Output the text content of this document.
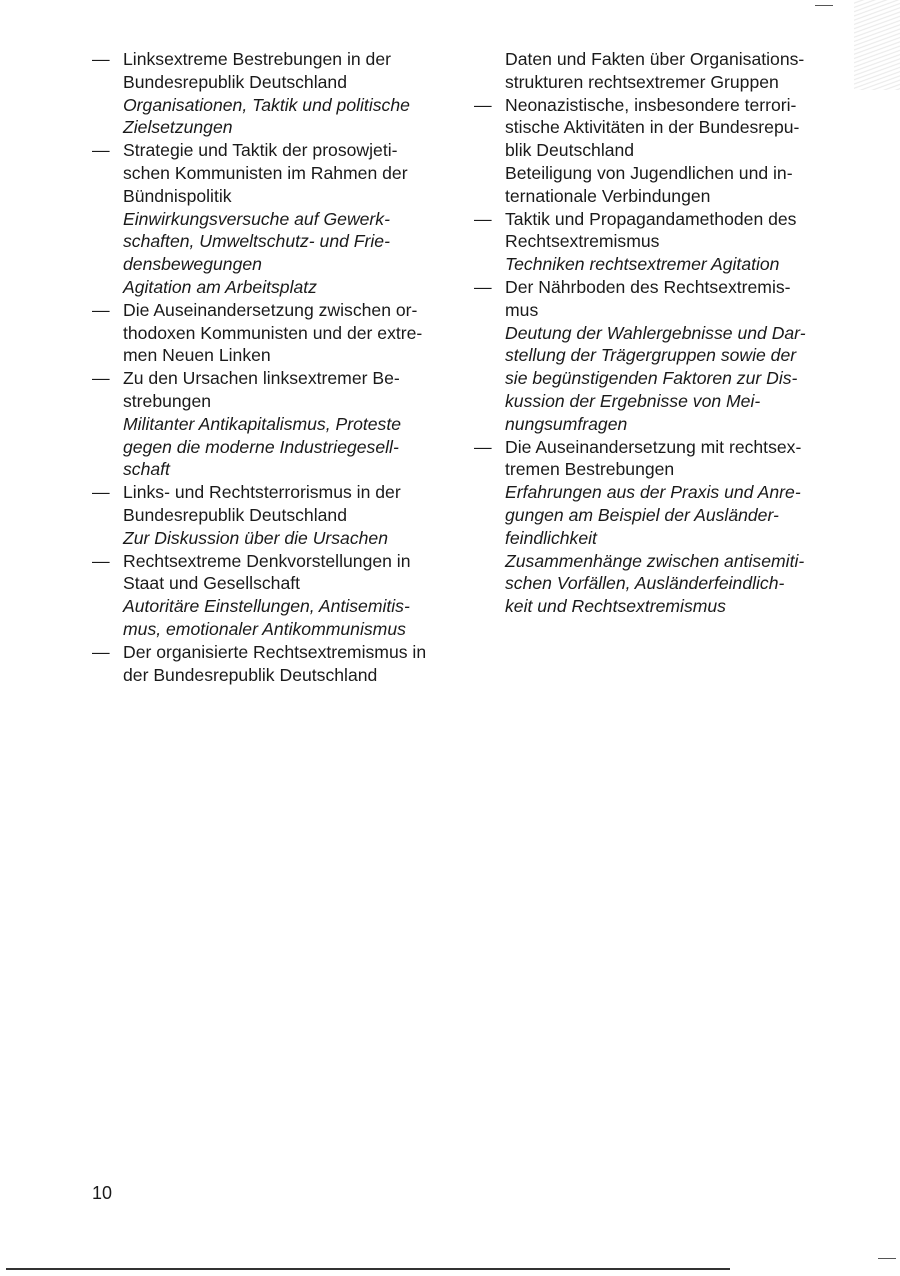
— Linksextreme Bestrebungen in der
Bundesrepublik Deutschland
Organisationen, Taktik und politische
Zielsetzungen
— Strategie und Taktik der prosowjeti-
schen Kommunisten im Rahmen der
Bündnispolitik
Einwirkungsversuche auf Gewerk-
schaften, Umweltschutz- und Frie-
densbewegungen
Agitation am Arbeitsplatz
— Die Auseinandersetzung zwischen or-
thodoxen Kommunisten und der extre-
men Neuen Linken
— Zu den Ursachen linksextremer Be-
strebungen
Militanter Antikapitalismus, Proteste
gegen die moderne Industriegesell-
schaft
— Links- und Rechtsterrorismus in der
Bundesrepublik Deutschland
Zur Diskussion über die Ursachen
— Rechtsextreme Denkvorstellungen in
Staat und Gesellschaft
Autoritäre Einstellungen, Antisemitis-
mus, emotionaler Antikommunismus
— Der organisierte Rechtsextremismus in
der Bundesrepublik Deutschland
Daten und Fakten über Organisations-strukturen rechtsextremer Gruppen
— Neonazistische, insbesondere terrori-
stische Aktivitäten in der Bundesrepu-
blik Deutschland
Beteiligung von Jugendlichen und in-
ternationale Verbindungen
— Taktik und Propagandamethoden des
Rechtsextremismus
Techniken rechtsextremer Agitation
— Der Nährboden des Rechtsextremis-
mus
Deutung der Wahlergebnisse und Dar-
stellung der Trägergruppen sowie der
sie begünstigenden Faktoren zur Dis-
kussion der Ergebnisse von Mei-
nungsumfragen
— Die Auseinandersetzung mit rechtsex-
tremen Bestrebungen
Erfahrungen aus der Praxis und Anre-
gungen am Beispiel der Ausländer-
feindlichkeit
Zusammenhänge zwischen antisemiti-
schen Vorfällen, Ausländerfeindlich-
keit und Rechtsextremismus
10
